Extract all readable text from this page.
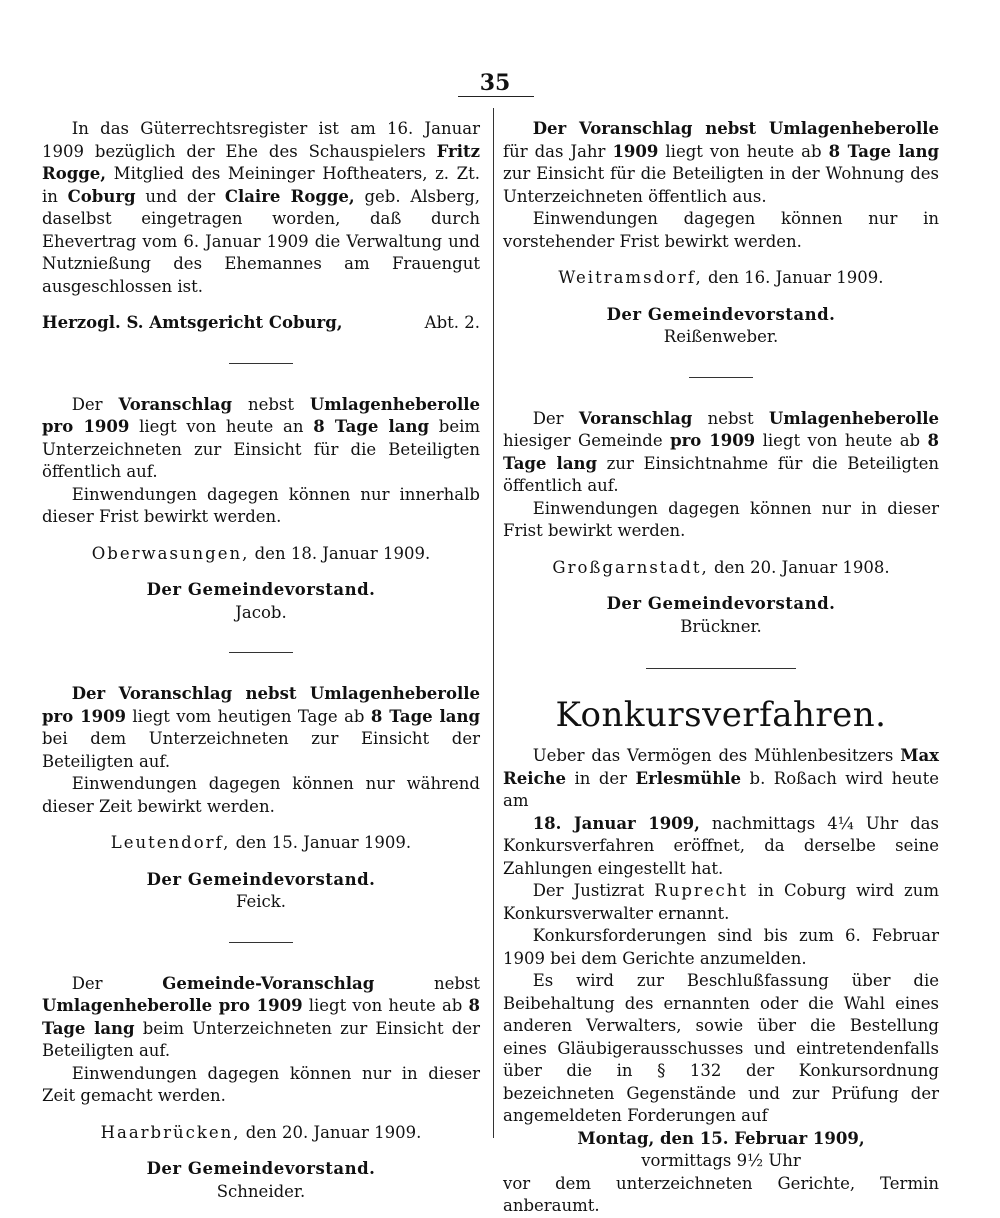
35

In das Güterrechtsregister ist am 16. Januar 1909 bezüglich der Ehe des Schauspielers Fritz Rogge, Mitglied des Meininger Hoftheaters, z. Zt. in Coburg und der Claire Rogge, geb. Alsberg, daselbst eingetragen worden, daß durch Ehevertrag vom 6. Januar 1909 die Verwaltung und Nutznießung des Ehemannes am Frauengut ausgeschlossen ist.

Herzogl. S. Amtsgericht Coburg,	Abt. 2.

Der Voranschlag nebst Umlagenheberolle pro 1909 liegt von heute an 8 Tage lang beim Unterzeichneten zur Einsicht für die Beteiligten öffentlich auf.

Einwendungen dagegen können nur innerhalb dieser Frist bewirkt werden.

Oberwasungen, den 18. Januar 1909.

Der Gemeindevorstand.

Jacob.

Der Voranschlag nebst Umlagenheberolle pro 1909 liegt vom heutigen Tage ab 8 Tage lang bei dem Unterzeichneten zur Einsicht der Beteiligten auf.

Einwendungen dagegen können nur während dieser Zeit bewirkt werden.

Leutendorf, den 15. Januar 1909.

Der Gemeindevorstand.

Feick.

Der	Gemeinde-Voranschlag	nebst Umlagenheberolle pro 1909 liegt von heute ab 8 Tage lang beim Unterzeichneten zur Einsicht der Beteiligten auf.

Einwendungen dagegen können nur in dieser Zeit gemacht werden.

Haarbrücken, den 20. Januar 1909.

Der Gemeindevorstand.

Schneider.

Der Voranschlag nebst Umlagenheberolle für das Jahr 1909 liegt von heute ab 8 Tage lang zur Einsicht für die Beteiligten in der Wohnung des Unterzeichneten öffentlich aus.

Einwendungen dagegen können nur in vorstehender Frist bewirkt werden.

Weitramsdorf, den 16. Januar 1909.

Der Gemeindevorstand.

Reißenweber.

Der Voranschlag nebst Umlagenheberolle hiesiger Gemeinde pro 1909 liegt von heute ab 8 Tage lang zur Einsichtnahme für die Beteiligten öffentlich auf.

Einwendungen dagegen können nur in dieser Frist bewirkt werden.

Großgarnstadt, den 20. Januar 1908.

Der Gemeindevorstand.

Brückner.

Konkursverfahren.

Ueber das Vermögen des Mühlenbesitzers Max Reiche in der Erlesmühle b. Roßach wird heute am

18. Januar 1909, nachmittags 4¼ Uhr das Konkursverfahren eröffnet, da derselbe seine Zahlungen eingestellt hat.

Der Justizrat Ruprecht in Coburg wird zum Konkursverwalter ernannt.

Konkursforderungen sind bis zum 6. Februar 1909 bei dem Gerichte anzumelden.

Es wird zur Beschlußfassung über die Beibehaltung des ernannten oder die Wahl eines anderen Verwalters, sowie über die Bestellung eines Gläubigerausschusses und eintretendenfalls über die in § 132 der Konkursordnung bezeichneten Gegenstände und zur Prüfung der angemeldeten Forderungen auf

Montag, den 15. Februar 1909,

vormittags 9½ Uhr

vor dem unterzeichneten Gerichte, Termin anberaumt.
